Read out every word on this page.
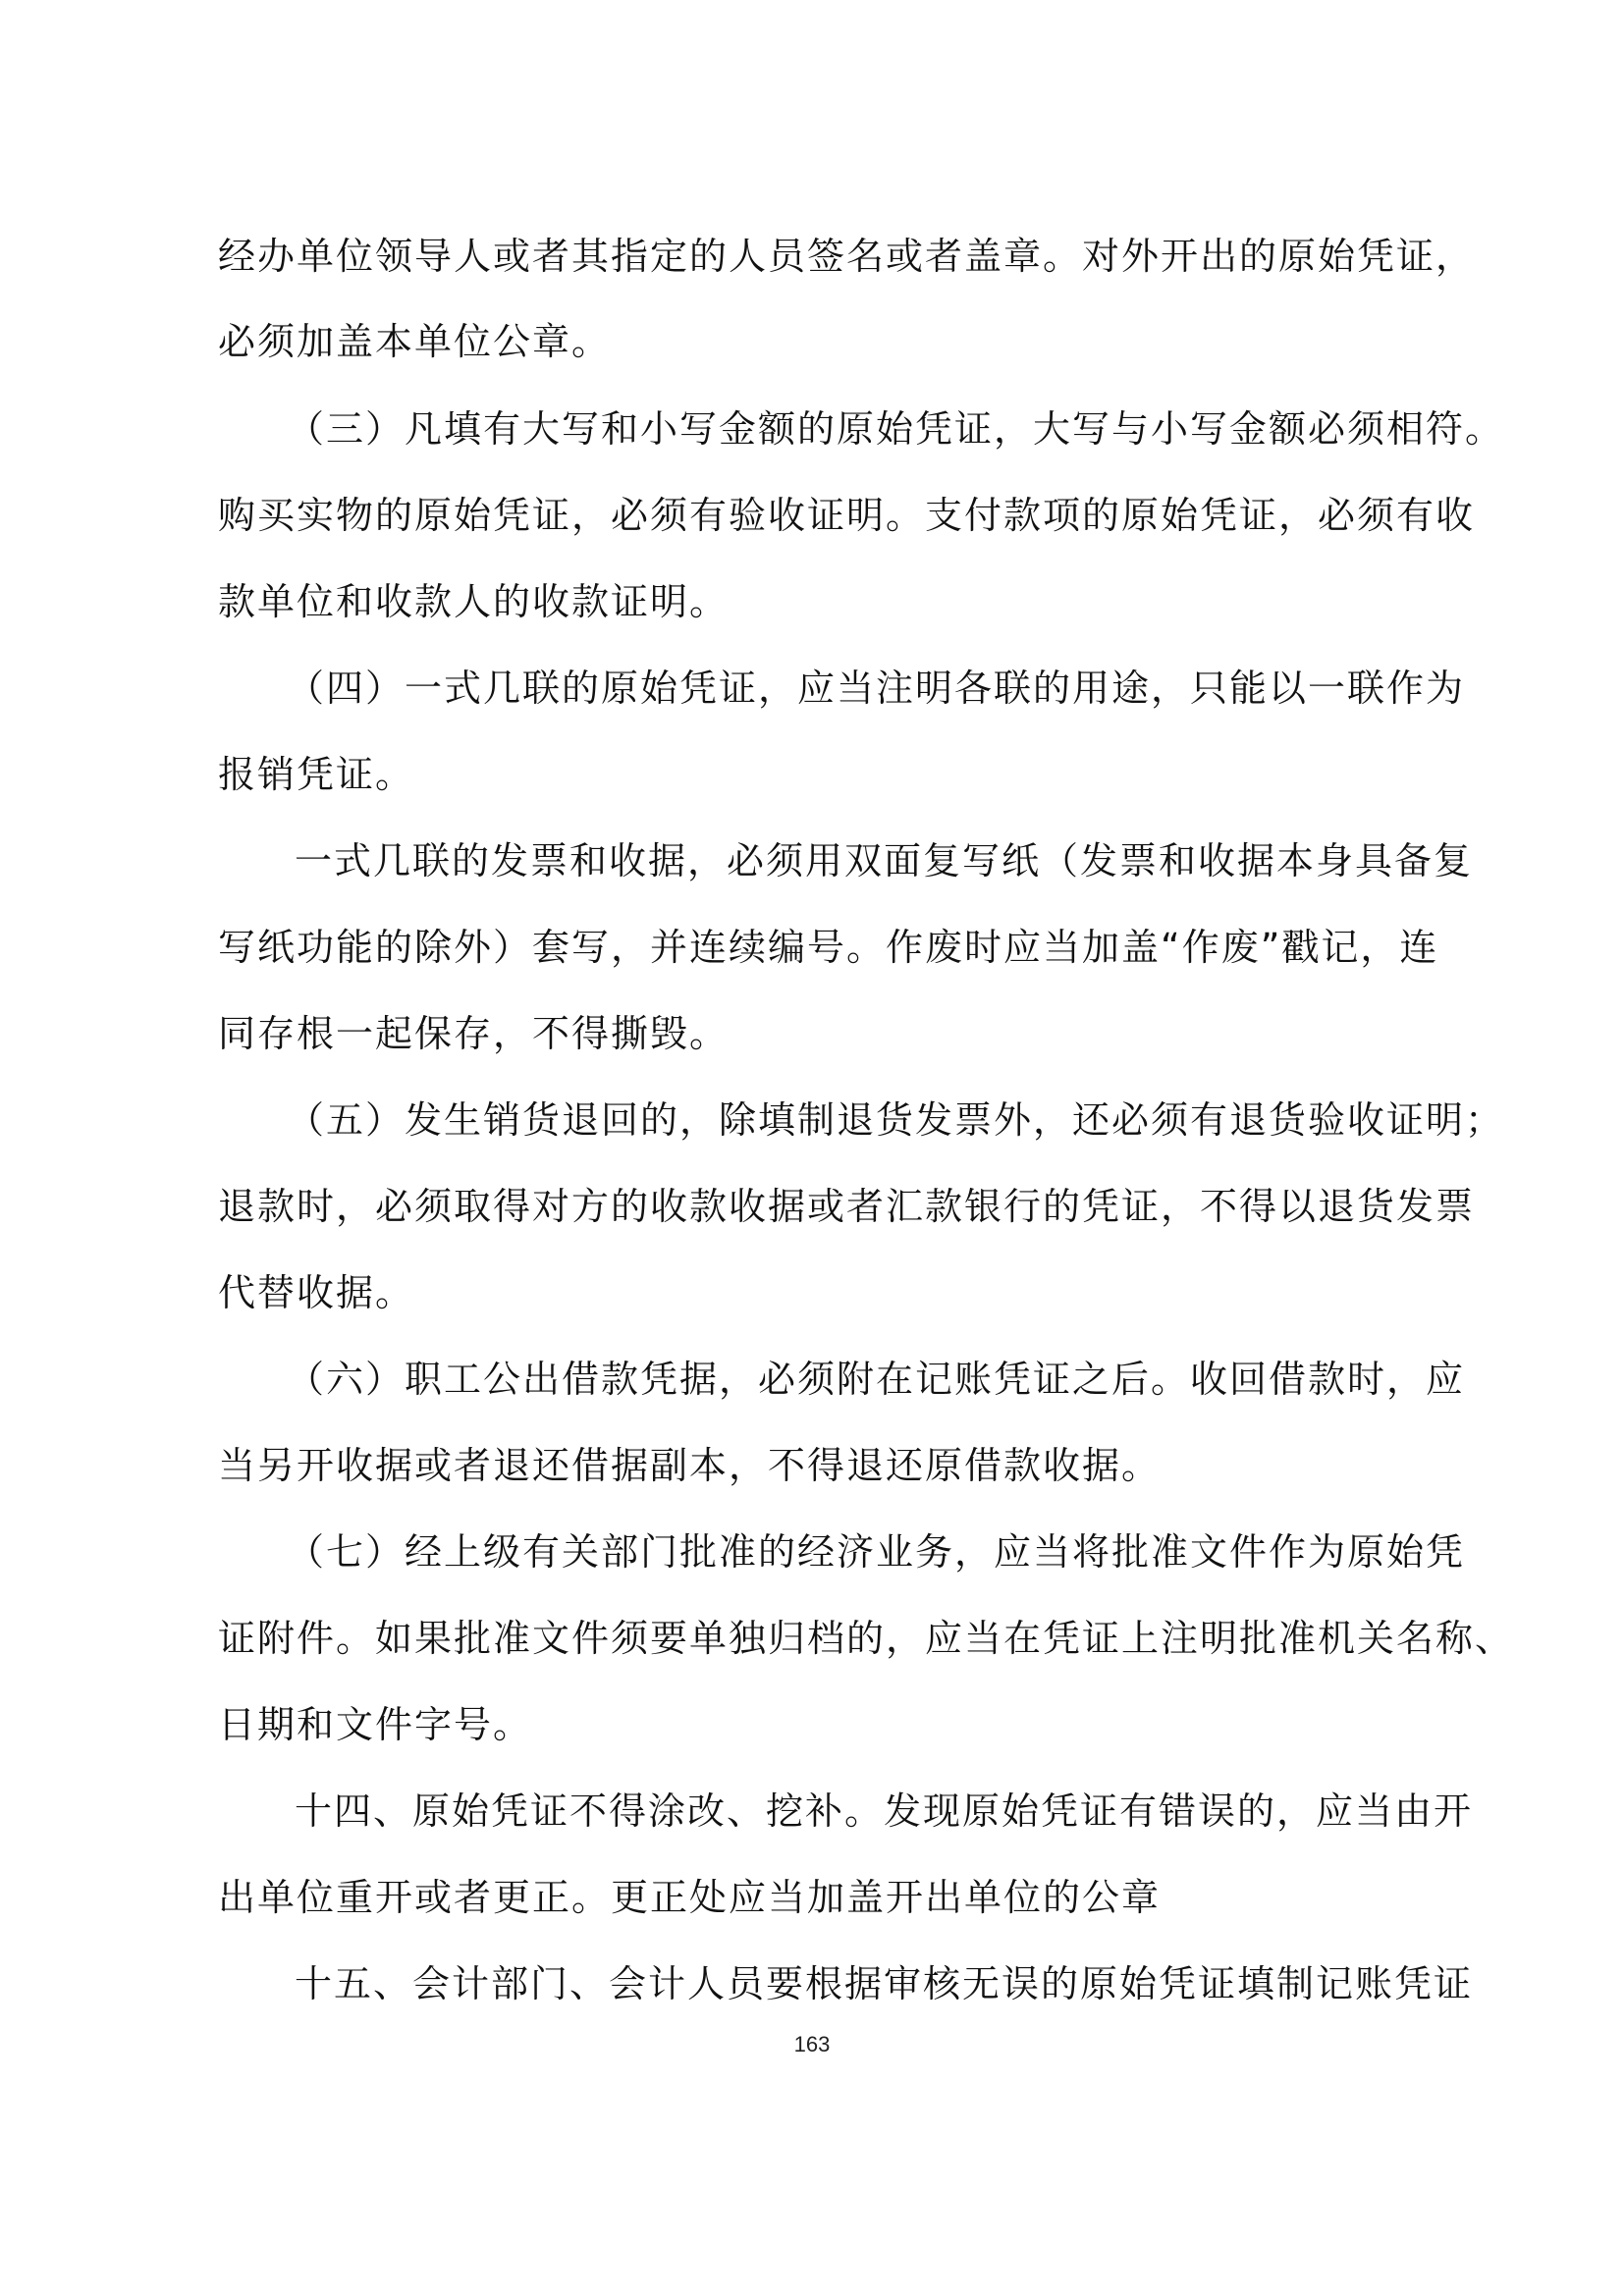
经办单位领导人或者其指定的人员签名或者盖章。对外开出的原始凭证，
必须加盖本单位公章。
（三）凡填有大写和小写金额的原始凭证，大写与小写金额必须相符。
购买实物的原始凭证，必须有验收证明。支付款项的原始凭证，必须有收
款单位和收款人的收款证明。
（四）一式几联的原始凭证，应当注明各联的用途，只能以一联作为
报销凭证。
一式几联的发票和收据，必须用双面复写纸（发票和收据本身具备复
写纸功能的除外）套写，并连续编号。作废时应当加盖“作废”戳记，连
同存根一起保存，不得撕毁。
（五）发生销货退回的，除填制退货发票外，还必须有退货验收证明；
退款时，必须取得对方的收款收据或者汇款银行的凭证，不得以退货发票
代替收据。
（六）职工公出借款凭据，必须附在记账凭证之后。收回借款时，应
当另开收据或者退还借据副本，不得退还原借款收据。
（七）经上级有关部门批准的经济业务，应当将批准文件作为原始凭
证附件。如果批准文件须要单独归档的，应当在凭证上注明批准机关名称、
日期和文件字号。
十四、原始凭证不得涂改、挖补。发现原始凭证有错误的，应当由开
出单位重开或者更正。更正处应当加盖开出单位的公章
十五、会计部门、会计人员要根据审核无误的原始凭证填制记账凭证
163
